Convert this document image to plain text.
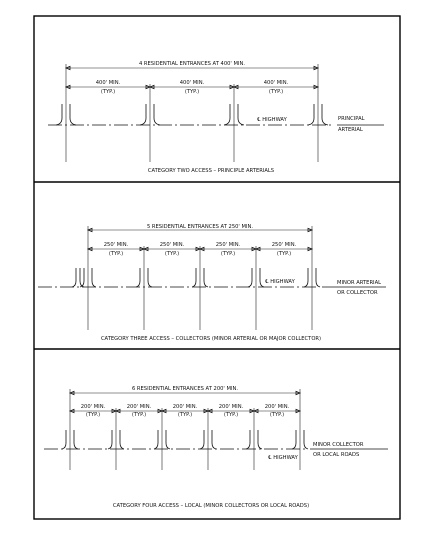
4 RESIDENTIAL ENTRANCES AT 400' MIN.
400' MIN.
(TYP.)
400' MIN.
(TYP.)
400' MIN.
(TYP.)
℄ HIGHWAY	PRINCIPAL
ARTERIAL
CATEGORY TWO ACCESS – PRINCIPLE ARTERIALS
5 RESIDENTIAL ENTRANCES AT 250' MIN.
250' MIN.
(TYP.)
250' MIN.
(TYP.)
250' MIN.
(TYP.)
250' MIN.
(TYP.)
℄ HIGHWAY	MINOR ARTERIAL
OR COLLECTOR
CATEGORY THREE ACCESS – COLLECTORS (MINOR ARTERIAL OR MAJOR COLLECTOR)
6 RESIDENTIAL ENTRANCES AT 200' MIN.
200' MIN.
(TYP.)
200' MIN.
(TYP.)
200' MIN.
(TYP.)
200' MIN.
(TYP.)
200' MIN.
(TYP.)
℄ HIGHWAY
MINOR COLLECTOR
OR LOCAL ROADS
CATEGORY FOUR ACCESS – LOCAL (MINOR COLLECTORS OR LOCAL ROADS)
